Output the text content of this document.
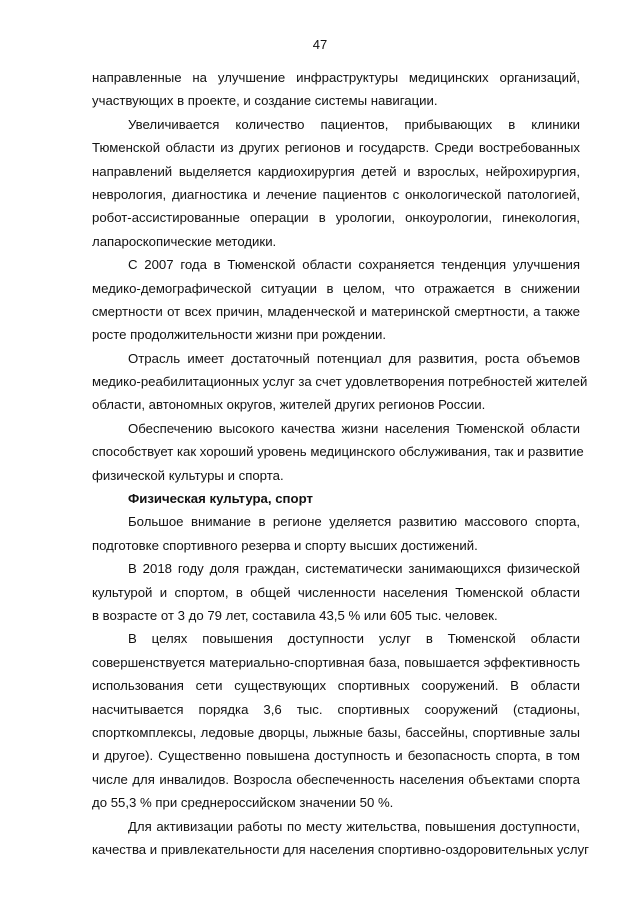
47
направленные на улучшение инфраструктуры медицинских организаций,
участвующих в проекте, и создание системы навигации.
Увеличивается количество пациентов, прибывающих в клиники
Тюменской области из других регионов и государств. Среди востребованных
направлений выделяется кардиохирургия детей и взрослых, нейрохирургия,
неврология, диагностика и лечение пациентов с онкологической патологией,
робот-ассистированные операции в урологии, онкоурологии, гинекология,
лапароскопические методики.
С 2007 года в Тюменской области сохраняется тенденция улучшения
медико-демографической ситуации в целом, что отражается в снижении
смертности от всех причин, младенческой и материнской смертности, а также
росте продолжительности жизни при рождении.
Отрасль имеет достаточный потенциал для развития, роста объемов
медико-реабилитационных услуг за счет удовлетворения потребностей жителей
области, автономных округов, жителей других регионов России.
Обеспечению высокого качества жизни населения Тюменской области
способствует как хороший уровень медицинского обслуживания, так и развитие
физической культуры и спорта.
Физическая культура, спорт
Большое внимание в регионе уделяется развитию массового спорта,
подготовке спортивного резерва и спорту высших достижений.
В 2018 году доля граждан, систематически занимающихся физической
культурой и спортом, в общей численности населения Тюменской области
в возрасте от 3 до 79 лет, составила 43,5 % или 605 тыс. человек.
В целях повышения доступности услуг в Тюменской области
совершенствуется материально-спортивная база, повышается эффективность
использования сети существующих спортивных сооружений. В области
насчитывается порядка 3,6 тыс. спортивных сооружений (стадионы,
спорткомплексы, ледовые дворцы, лыжные базы, бассейны, спортивные залы
и другое). Существенно повышена доступность и безопасность спорта, в том
числе для инвалидов. Возросла обеспеченность населения объектами спорта
до 55,3 % при среднероссийском значении 50 %.
Для активизации работы по месту жительства, повышения доступности,
качества и привлекательности для населения спортивно-оздоровительных услуг
